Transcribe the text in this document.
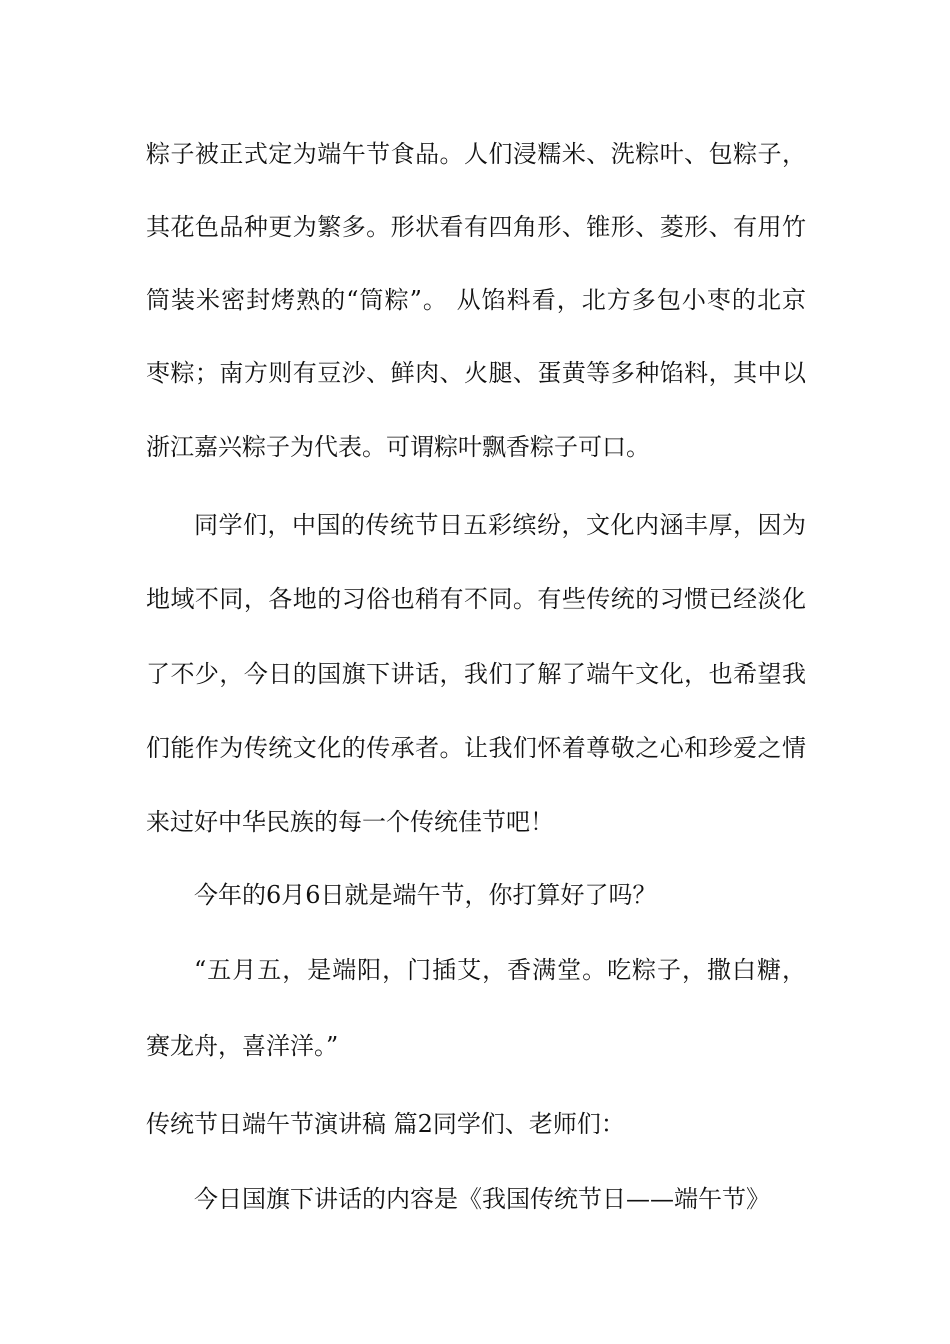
粽子被正式定为端午节食品。人们浸糯米、洗粽叶、包粽子，
其花色品种更为繁多。形状看有四角形、锥形、菱形、有用竹
筒装米密封烤熟的“筒粽”。 从馅料看，北方多包小枣的北京
枣粽；南方则有豆沙、鲜肉、火腿、蛋黄等多种馅料，其中以
浙江嘉兴粽子为代表。可谓粽叶飘香粽子可口。
同学们，中国的传统节日五彩缤纷，文化内涵丰厚，因为
地域不同，各地的习俗也稍有不同。有些传统的习惯已经淡化
了不少，今日的国旗下讲话，我们了解了端午文化，也希望我
们能作为传统文化的传承者。让我们怀着尊敬之心和珍爱之情
来过好中华民族的每一个传统佳节吧！
今年的6月6日就是端午节，你打算好了吗？
“五月五，是端阳，门插艾，香满堂。吃粽子，撒白糖，
赛龙舟，喜洋洋。”
传统节日端午节演讲稿 篇2同学们、老师们：
今日国旗下讲话的内容是《我国传统节日——端午节》
